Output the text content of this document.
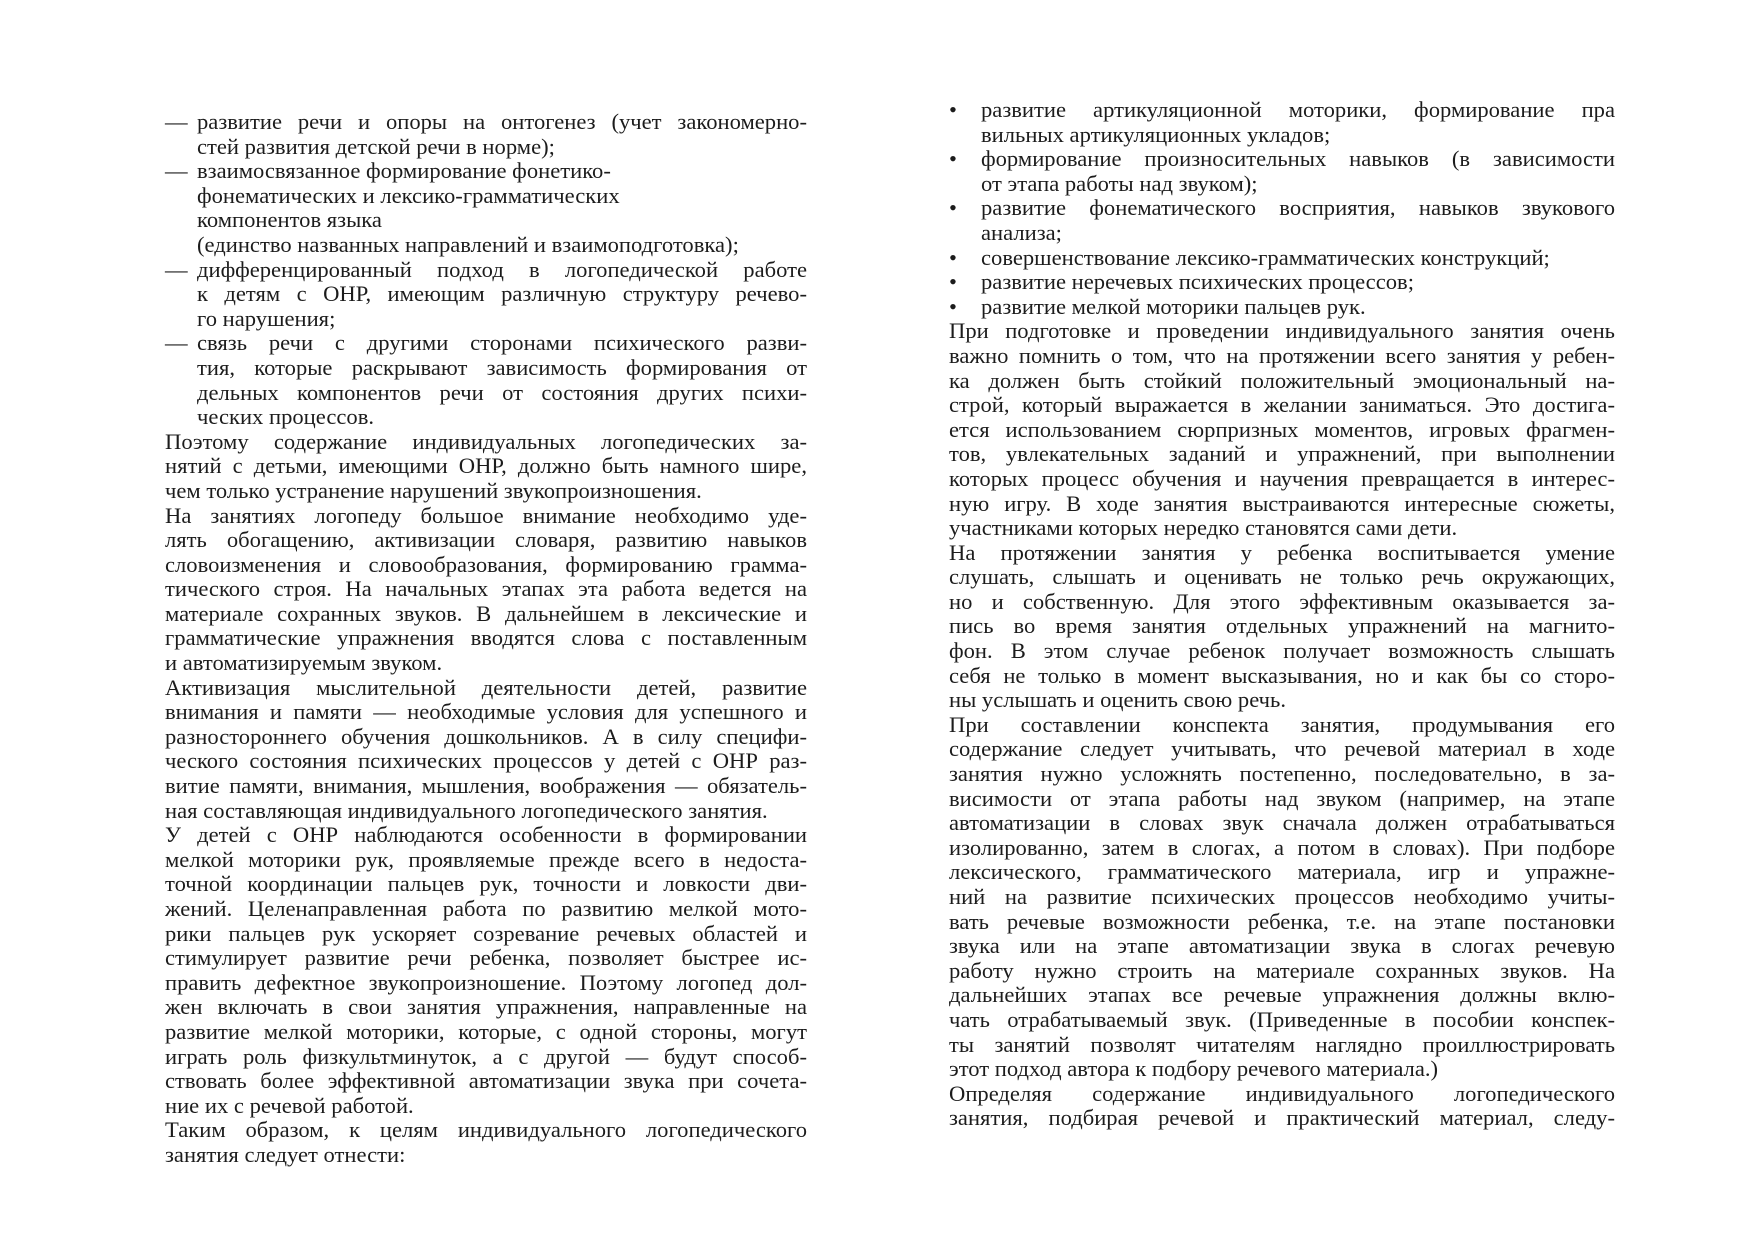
— развитие речи и опоры на онтогенез (учет закономерно-
стей развития детской речи в норме);
— взаимосвязанное формирование фонетико-
фонематических и лексико-грамматических
компонентов языка
(единство названных направлений и взаимоподготовка);
— дифференцированный подход в логопедической работе
к детям с ОНР, имеющим различную структуру речево-
го нарушения;
— связь речи с другими сторонами психического разви-
тия, которые раскрывают зависимость формирования от
дельных компонентов речи от состояния других психи-
ческих процессов.
Поэтому содержание индивидуальных логопедических за-
нятий с детьми, имеющими ОНР, должно быть намного шире,
чем только устранение нарушений звукопроизношения.
На занятиях логопеду большое внимание необходимо уде-
лять обогащению, активизации словаря, развитию навыков
словоизменения и словообразования, формированию грамма-
тического строя. На начальных этапах эта работа ведется на
материале сохранных звуков. В дальнейшем в лексические и
грамматические упражнения вводятся слова с поставленным
и автоматизируемым звуком.
Активизация мыслительной деятельности детей, развитие
внимания и памяти — необходимые условия для успешного и
разностороннего обучения дошкольников. А в силу специфи-
ческого состояния психических процессов у детей с ОНР раз-
витие памяти, внимания, мышления, воображения — обязатель-
ная составляющая индивидуального логопедического занятия.
У детей с ОНР наблюдаются особенности в формировании
мелкой моторики рук, проявляемые прежде всего в недоста-
точной координации пальцев рук, точности и ловкости дви-
жений. Целенаправленная работа по развитию мелкой мото-
рики пальцев рук ускоряет созревание речевых областей и
стимулирует развитие речи ребенка, позволяет быстрее ис-
править дефектное звукопроизношение. Поэтому логопед дол-
жен включать в свои занятия упражнения, направленные на
развитие мелкой моторики, которые, с одной стороны, могут
играть роль физкультминуток, а с другой — будут способ-
ствовать более эффективной автоматизации звука при сочета-
ние их с речевой работой.
Таким образом, к целям индивидуального логопедического
занятия следует отнести:
• развитие артикуляционной моторики, формирование пра
вильных артикуляционных укладов;
• формирование произносительных навыков (в зависимости
от этапа работы над звуком);
• развитие фонематического восприятия, навыков звукового
анализа;
• совершенствование лексико-грамматических конструкций;
• развитие неречевых психических процессов;
• развитие мелкой моторики пальцев рук.
При подготовке и проведении индивидуального занятия очень
важно помнить о том, что на протяжении всего занятия у ребен-
ка должен быть стойкий положительный эмоциональный на-
строй, который выражается в желании заниматься. Это достига-
ется использованием сюрпризных моментов, игровых фрагмен-
тов, увлекательных заданий и упражнений, при выполнении
которых процесс обучения и научения превращается в интерес-
ную игру. В ходе занятия выстраиваются интересные сюжеты,
участниками которых нередко становятся сами дети.
На протяжении занятия у ребенка воспитывается умение
слушать, слышать и оценивать не только речь окружающих,
но и собственную. Для этого эффективным оказывается за-
пись во время занятия отдельных упражнений на магнито-
фон. В этом случае ребенок получает возможность слышать
себя не только в момент высказывания, но и как бы со сторо-
ны услышать и оценить свою речь.
При составлении конспекта занятия, продумывания его
содержание следует учитывать, что речевой материал в ходе
занятия нужно усложнять постепенно, последовательно, в за-
висимости от этапа работы над звуком (например, на этапе
автоматизации в словах звук сначала должен отрабатываться
изолированно, затем в слогах, а потом в словах). При подборе
лексического, грамматического материала, игр и упражне-
ний на развитие психических процессов необходимо учиты-
вать речевые возможности ребенка, т.е. на этапе постановки
звука или на этапе автоматизации звука в слогах речевую
работу нужно строить на материале сохранных звуков. На
дальнейших этапах все речевые упражнения должны вклю-
чать отрабатываемый звук. (Приведенные в пособии конспек-
ты занятий позволят читателям наглядно проиллюстрировать
этот подход автора к подбору речевого материала.)
Определяя содержание индивидуального логопедического
занятия, подбирая речевой и практический материал, следу-
